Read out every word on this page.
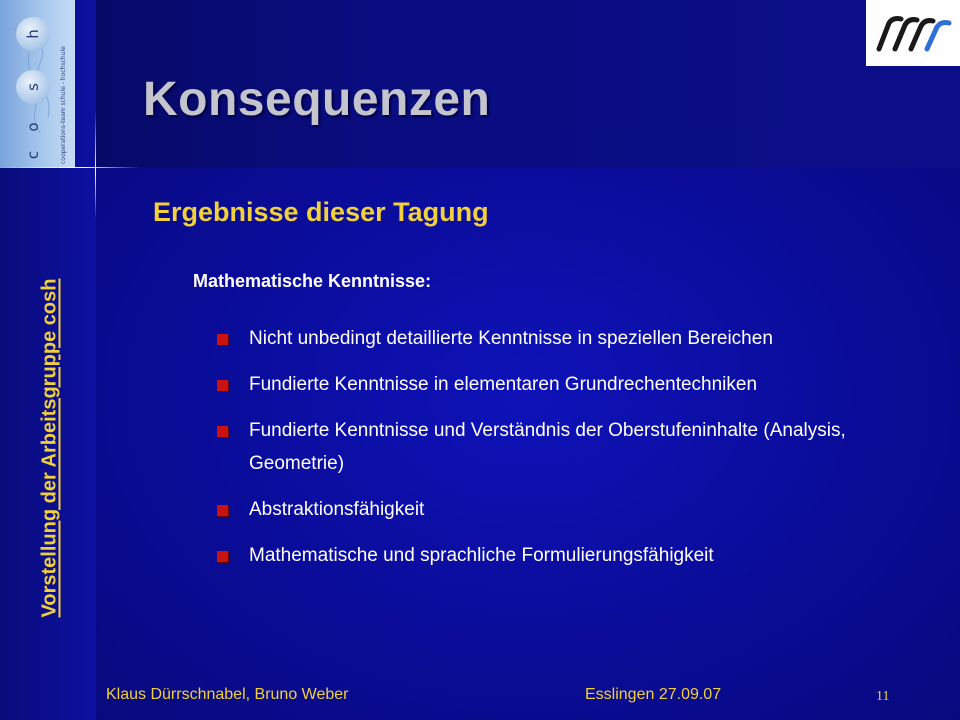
h
s
o
c	cooperations-team schule - hochschule
Vorstellung der Arbeitsgruppe cosh
Konsequenzen
Ergebnisse dieser Tagung
Mathematische Kenntnisse:
Nicht unbedingt detaillierte Kenntnisse in speziellen Bereichen
Fundierte Kenntnisse in elementaren Grundrechentechniken
Fundierte Kenntnisse und Verständnis der Oberstufeninhalte (Analysis, Geometrie)
Abstraktionsfähigkeit
Mathematische und sprachliche Formulierungsfähigkeit
Klaus Dürrschnabel, Bruno Weber	Esslingen 27.09.07	11
